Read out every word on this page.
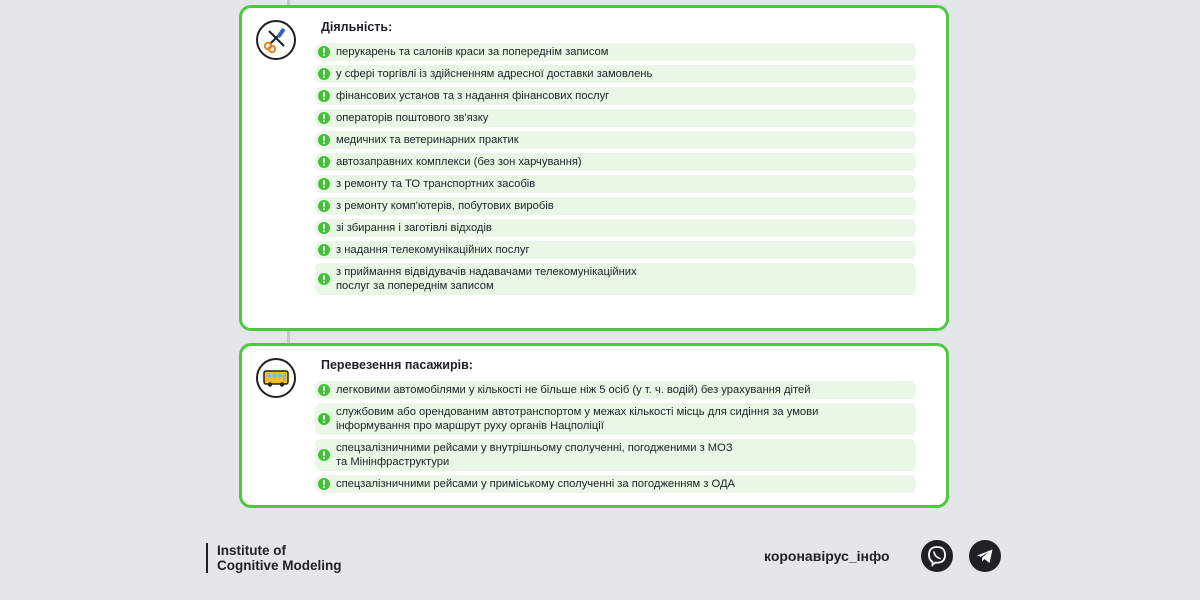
Діяльність:
перукарень та салонів краси за попереднім записом
у сфері торгівлі із здійсненням адресної доставки замовлень
фінансових установ та з надання фінансових послуг
операторів поштового зв'язку
медичних та ветеринарних практик
автозаправних комплекси (без зон харчування)
з ремонту та ТО транспортних засобів
з ремонту комп'ютерів, побутових виробів
зі збирання і заготівлі відходів
з надання телекомунікаційних послуг
з приймання відвідувачів надавачами телекомунікаційних
послуг за попереднім записом
Перевезення пасажирів:
легковими автомобілями у кількості не більше ніж 5 осіб (у т. ч. водій) без урахування дітей
службовим або орендованим автотранспортом у межах кількості місць для сидіння за умови
інформування про маршрут руху органів Нацполіції
спецзалізничними рейсами у внутрішньому сполученні, погодженими з МОЗ
та Мінінфраструктури
спецзалізничними рейсами у приміському сполученні за погодженням з ОДА
Institute of
Cognitive Modeling
коронавірус_інфо
